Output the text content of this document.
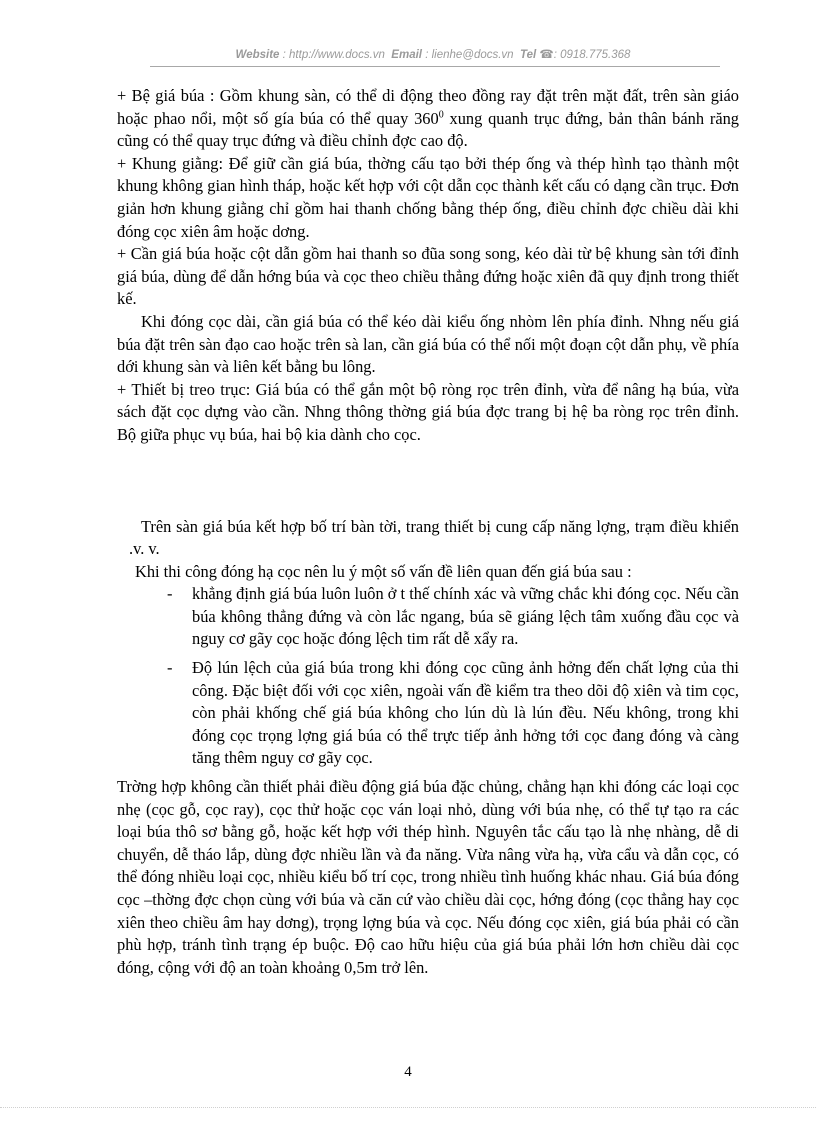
Website : http://www.docs.vn Email : lienhe@docs.vn Tel ☎: 0918.775.368

+ Bệ giá búa : Gồm khung sàn, có thể di động theo đồng ray đặt trên mặt đất, trên sàn giáo hoặc phao nổi, một số gía búa có thể quay $360^0$ xung quanh trục đứng, bản thân bánh răng cũng có thể quay trục đứng và điều chỉnh đợc cao độ.

+ Khung giằng: Để giữ cần giá búa, thờng cấu tạo bởi thép ống và thép hình tạo thành một khung không gian hình tháp, hoặc kết hợp với cột dẫn cọc thành kết cấu có dạng cần trục. Đơn giản hơn khung giằng chỉ gồm hai thanh chống bằng thép ống, điều chỉnh đợc chiều dài khi đóng cọc xiên âm hoặc dơng.

+ Cần giá búa hoặc cột dẫn gồm hai thanh so đũa song song, kéo dài từ bệ khung sàn tới đỉnh giá búa, dùng để dẫn hớng búa và cọc theo chiều thẳng đứng hoặc xiên đã quy định trong thiết kế.

Khi đóng cọc dài, cần giá búa có thể kéo dài kiểu ống nhòm lên phía đỉnh. Nhng nếu giá búa đặt trên sàn đạo cao hoặc trên sà lan, cần giá búa có thể nối một đoạn cột dẫn phụ, về phía dới khung sàn và liên kết bằng bu lông.

+ Thiết bị treo trục: Giá búa có thể gắn một bộ ròng rọc trên đỉnh, vừa để nâng hạ búa, vừa sách đặt cọc dựng vào cần. Nhng thông thờng giá búa đợc trang bị hệ ba ròng rọc trên đỉnh. Bộ giữa phục vụ búa, hai bộ kia dành cho cọc.

Trên sàn giá búa kết hợp bố trí bàn tời, trang thiết bị cung cấp năng lợng, trạm điều khiển .v. v.

Khi thi công đóng hạ cọc nên lu ý một số vấn đề liên quan đến giá búa sau :

- khẳng định giá búa luôn luôn ở t thế chính xác và vững chắc khi đóng cọc. Nếu cần búa không thẳng đứng và còn lắc ngang, búa sẽ giáng lệch tâm xuống đầu cọc và nguy cơ gãy cọc hoặc đóng lệch tim rất dễ xẩy ra.
- Độ lún lệch của giá búa trong khi đóng cọc cũng ảnh hởng đến chất lợng của thi công. Đặc biệt đối với cọc xiên, ngoài vấn đề kiểm tra theo dõi độ xiên và tim cọc, còn phải khống chế giá búa không cho lún dù là lún đều. Nếu không, trong khi đóng cọc trọng lợng giá búa có thể trực tiếp ảnh hởng tới cọc đang đóng và càng tăng thêm nguy cơ gãy cọc.

Trờng hợp không cần thiết phải điều động giá búa đặc chủng, chẳng hạn khi đóng các loại cọc nhẹ (cọc gỗ, cọc ray), cọc thử hoặc cọc ván loại nhỏ, dùng với búa nhẹ, có thể tự tạo ra các loại búa thô sơ bằng gỗ, hoặc kết hợp với thép hình. Nguyên tắc cấu tạo là nhẹ nhàng, dễ di chuyển, dễ tháo lắp, dùng đợc nhiều lần và đa năng. Vừa nâng vừa hạ, vừa cẩu và dẫn cọc, có thể đóng nhiều loại cọc, nhiều kiểu bố trí cọc, trong nhiều tình huống khác nhau. Giá búa đóng cọc –thờng đợc chọn cùng với búa và căn cứ vào chiều dài cọc, hớng đóng (cọc thẳng hay cọc xiên theo chiều âm hay dơng), trọng lợng búa và cọc. Nếu đóng cọc xiên, giá búa phải có cần phù hợp, tránh tình trạng ép buộc. Độ cao hữu hiệu của giá búa phải lớn hơn chiều dài cọc đóng, cộng với độ an toàn khoảng 0,5m trở lên.

4
